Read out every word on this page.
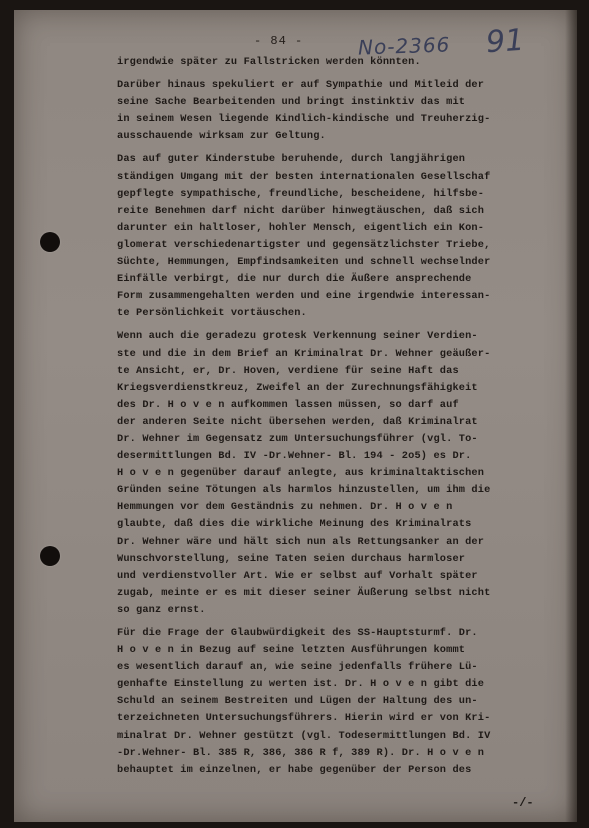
- 84 -	No-2366 91
irgendwie später zu Fallstricken werden könnten.
Darüber hinaus spekuliert er auf Sympathie und Mitleid der
seine Sache Bearbeitenden und bringt instinktiv das mit
in seinem Wesen liegende Kindlich-kindische und Treuherzig-
ausschauende wirksam zur Geltung.
Das auf guter Kinderstube beruhende, durch langjährigen
ständigen Umgang mit der besten internationalen Gesellschaf
gepflegte sympathische, freundliche, bescheidene, hilfsbe-
reite Benehmen darf nicht darüber hinwegtäuschen, daß sich
darunter ein haltloser, hohler Mensch, eigentlich ein Kon-
glomerat verschiedenartigster und gegensätzlichster Triebe,
Süchte, Hemmungen, Empfindsamkeiten und schnell wechselnder
Einfälle verbirgt, die nur durch die Äußere ansprechende
Form zusammengehalten werden und eine irgendwie interessan-
te Persönlichkeit vortäuschen.
Wenn auch die geradezu grotesk Verkennung seiner Verdien-
ste und die in dem Brief an Kriminalrat Dr. Wehner geäußer-
te Ansicht, er, Dr. Hoven, verdiene für seine Haft das
Kriegsverdienstkreuz, Zweifel an der Zurechnungsfähigkeit
des Dr. H o v e n aufkommen lassen müssen, so darf auf
der anderen Seite nicht übersehen werden, daß Kriminalrat
Dr. Wehner im Gegensatz zum Untersuchungsführer (vgl. To-
desermittlungen Bd. IV -Dr.Wehner- Bl. 194 - 2o5) es Dr.
H o v e n gegenüber darauf anlegte, aus kriminaltaktischen
Gründen seine Tötungen als harmlos hinzustellen, um ihm die
Hemmungen vor dem Geständnis zu nehmen. Dr. H o v e n
glaubte, daß dies die wirkliche Meinung des Kriminalrats
Dr. Wehner wäre und hält sich nun als Rettungsanker an der
Wunschvorstellung, seine Taten seien durchaus harmloser
und verdienstvoller Art. Wie er selbst auf Vorhalt später
zugab, meinte er es mit dieser seiner Äußerung selbst nicht
so ganz ernst.
Für die Frage der Glaubwürdigkeit des SS-Hauptsturmf. Dr.
H o v e n in Bezug auf seine letzten Ausführungen kommt
es wesentlich darauf an, wie seine jedenfalls frühere Lü-
genhafte Einstellung zu werten ist. Dr. H o v e n gibt die
Schuld an seinem Bestreiten und Lügen der Haltung des un-
terzeichneten Untersuchungsführers. Hierin wird er von Kri-
minalrat Dr. Wehner gestützt (vgl. Todesermittlungen Bd. IV
-Dr.Wehner- Bl. 385 R, 386, 386 R f, 389 R). Dr. H o v e n
behauptet im einzelnen, er habe gegenüber der Person des
-/-
